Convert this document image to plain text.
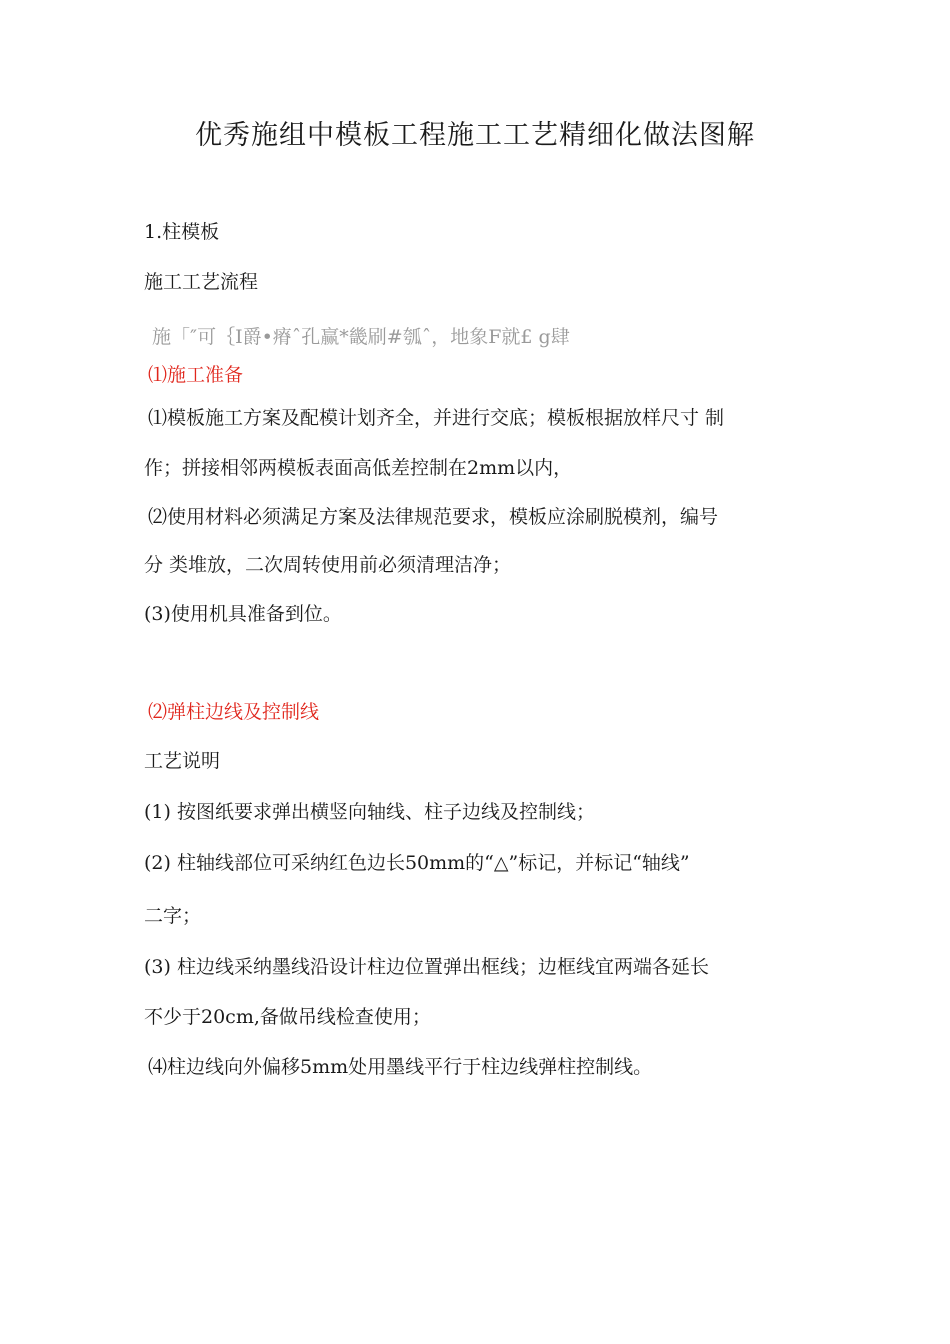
优秀施组中模板工程施工工艺精细化做法图解
1.柱模板
施工工艺流程
施「″可｛I爵•瘠ˆ孔赢*畿刷#瓠ˆ，地象F就£ g肆
⑴施工准备
⑴模板施工方案及配模计划齐全，并进行交底；模板根据放样尺寸 制
作；拼接相邻两模板表面高低差控制在2mm以内，
⑵使用材料必须满足方案及法律规范要求，模板应涂刷脱模剂，编号
分 类堆放，二次周转使用前必须清理洁净；
(3)使用机具准备到位。
⑵弹柱边线及控制线
工艺说明
(1) 按图纸要求弹出横竖向轴线、柱子边线及控制线；
(2) 柱轴线部位可采纳红色边长50mm的“△”标记，并标记“轴线”
二字；
(3) 柱边线采纳墨线沿设计柱边位置弹出框线；边框线宜两端各延长
不少于20cm,备做吊线检查使用；
⑷柱边线向外偏移5mm处用墨线平行于柱边线弹柱控制线。
